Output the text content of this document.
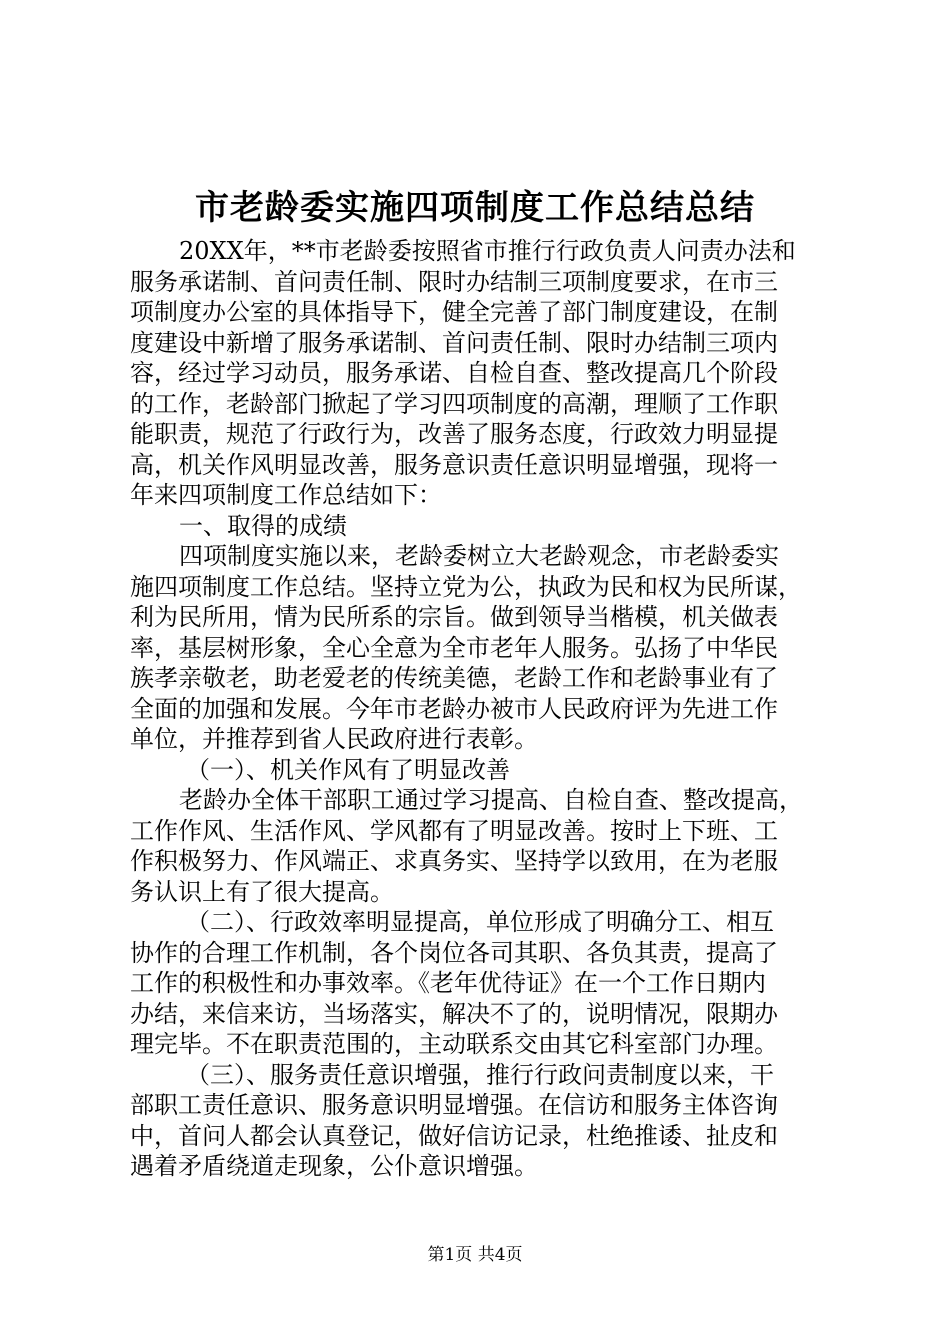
市老龄委实施四项制度工作总结总结
20XX年，**市老龄委按照省市推行行政负责人问责办法和
服务承诺制、首问责任制、限时办结制三项制度要求，在市三
项制度办公室的具体指导下，健全完善了部门制度建设，在制
度建设中新增了服务承诺制、首问责任制、限时办结制三项内
容，经过学习动员，服务承诺、自检自查、整改提高几个阶段
的工作，老龄部门掀起了学习四项制度的高潮，理顺了工作职
能职责，规范了行政行为，改善了服务态度，行政效力明显提
高，机关作风明显改善，服务意识责任意识明显增强，现将一
年来四项制度工作总结如下：
一、取得的成绩
四项制度实施以来，老龄委树立大老龄观念，市老龄委实
施四项制度工作总结。坚持立党为公，执政为民和权为民所谋，
利为民所用，情为民所系的宗旨。做到领导当楷模，机关做表
率，基层树形象，全心全意为全市老年人服务。弘扬了中华民
族孝亲敬老，助老爱老的传统美德，老龄工作和老龄事业有了
全面的加强和发展。今年市老龄办被市人民政府评为先进工作
单位，并推荐到省人民政府进行表彰。
（一）、机关作风有了明显改善
老龄办全体干部职工通过学习提高、自检自查、整改提高，
工作作风、生活作风、学风都有了明显改善。按时上下班、工
作积极努力、作风端正、求真务实、坚持学以致用，在为老服
务认识上有了很大提高。
（二）、行政效率明显提高，单位形成了明确分工、相互
协作的合理工作机制，各个岗位各司其职、各负其责，提高了
工作的积极性和办事效率。《老年优待证》在一个工作日期内
办结，来信来访，当场落实，解决不了的，说明情况，限期办
理完毕。不在职责范围的，主动联系交由其它科室部门办理。
（三）、服务责任意识增强，推行行政问责制度以来，干
部职工责任意识、服务意识明显增强。在信访和服务主体咨询
中，首问人都会认真登记，做好信访记录，杜绝推诿、扯皮和
遇着矛盾绕道走现象，公仆意识增强。
第1页 共4页
